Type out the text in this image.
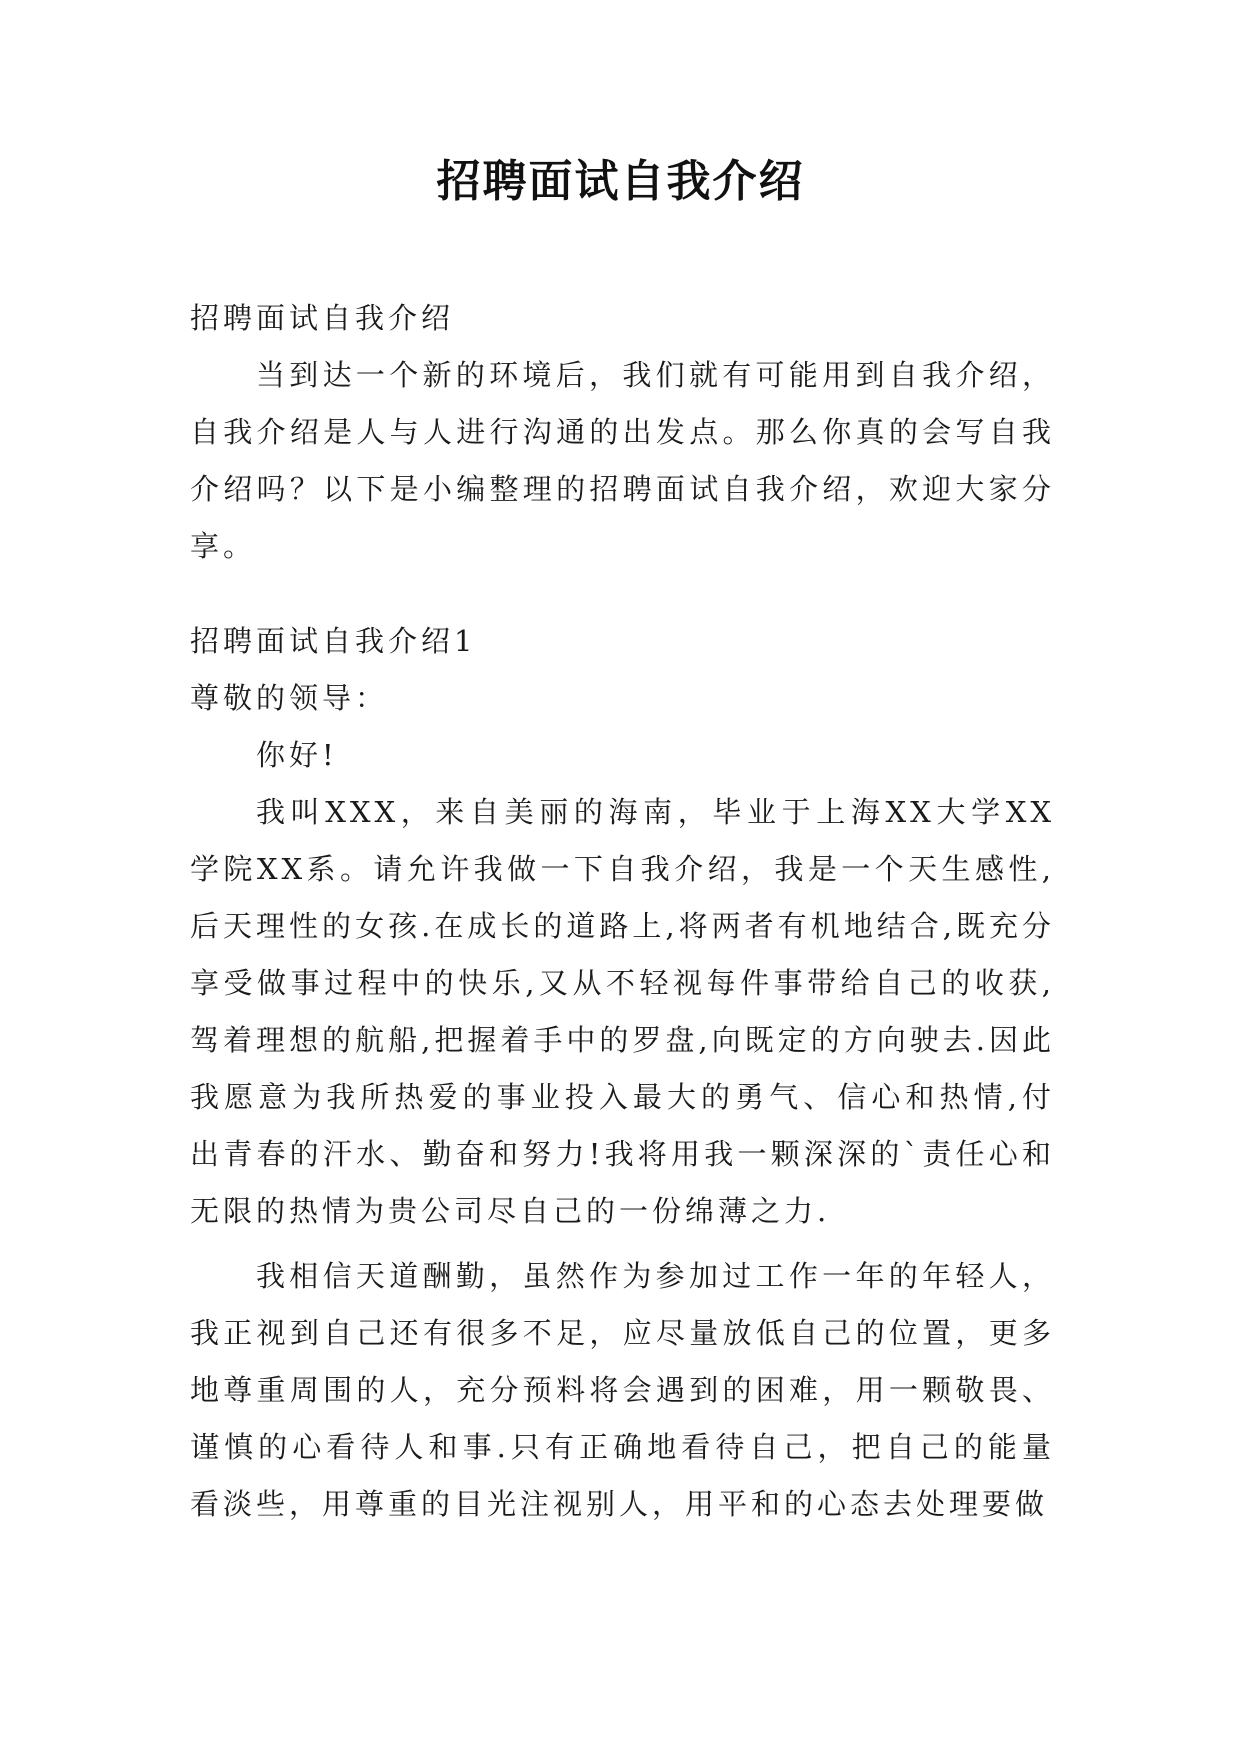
招聘面试自我介绍

招聘面试自我介绍

当到达一个新的环境后，我们就有可能用到自我介绍，自我介绍是人与人进行沟通的出发点。那么你真的会写自我介绍吗？以下是小编整理的招聘面试自我介绍，欢迎大家分享。

招聘面试自我介绍1

尊敬的领导：

你好!

我叫XXX，来自美丽的海南，毕业于上海XX大学XX学院XX系。请允许我做一下自我介绍，我是一个天生感性,后天理性的女孩.在成长的道路上,将两者有机地结合,既充分享受做事过程中的快乐,又从不轻视每件事带给自己的收获,驾着理想的航船,把握着手中的罗盘,向既定的方向驶去.因此我愿意为我所热爱的事业投入最大的勇气、信心和热情,付出青春的汗水、勤奋和努力!我将用我一颗深深的`责任心和无限的热情为贵公司尽自己的一份绵薄之力.

我相信天道酬勤，虽然作为参加过工作一年的年轻人，我正视到自己还有很多不足，应尽量放低自己的位置，更多地尊重周围的人，充分预料将会遇到的困难，用一颗敬畏、谨慎的心看待人和事.只有正确地看待自己，把自己的能量看淡些，用尊重的目光注视别人，用平和的心态去处理要做
